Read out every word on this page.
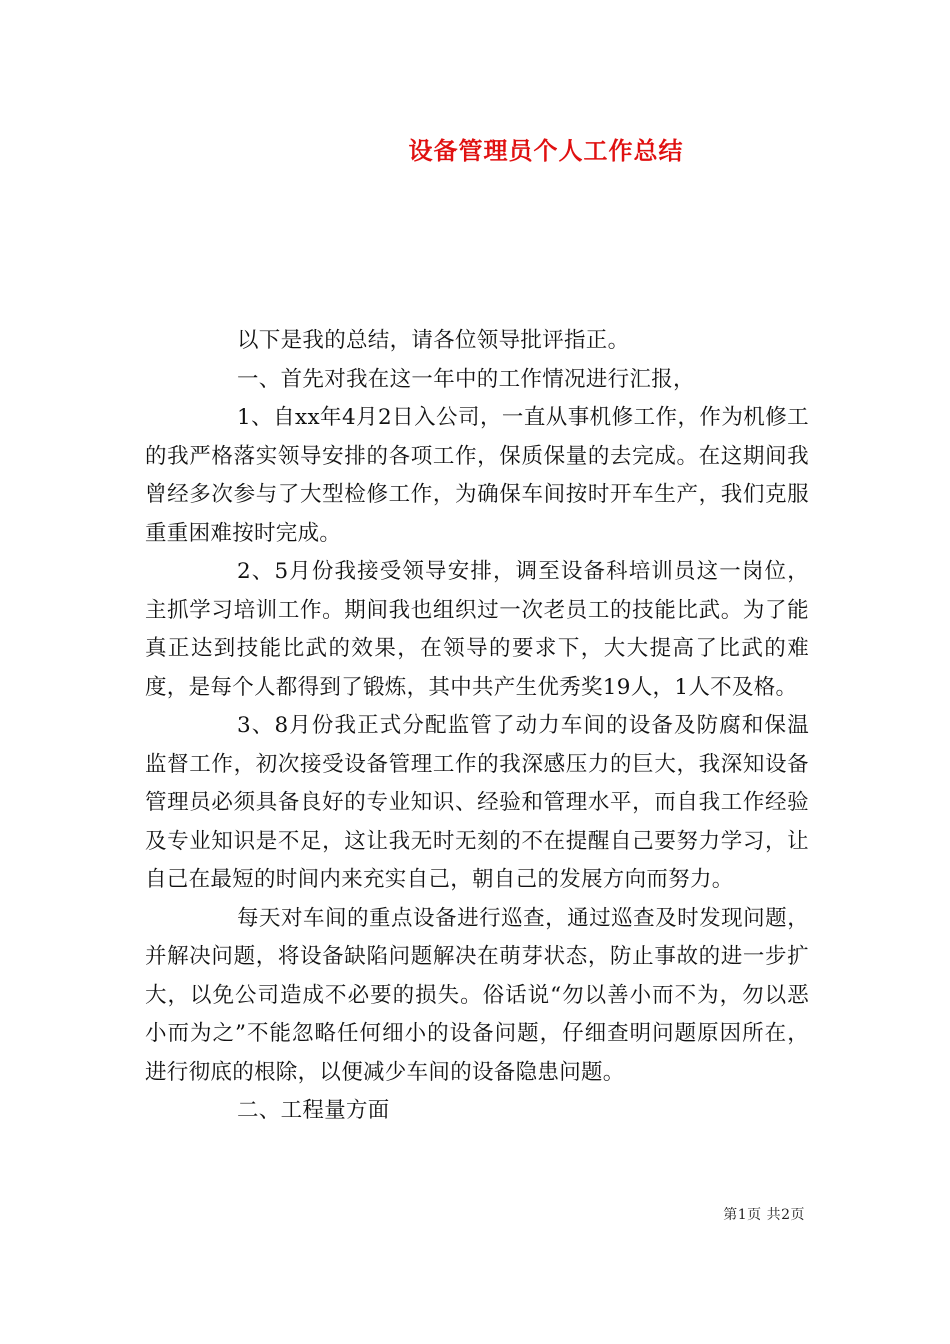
设备管理员个人工作总结

以下是我的总结，请各位领导批评指正。

一、首先对我在这一年中的工作情况进行汇报，

1、自xx年4月2日入公司，一直从事机修工作，作为机修工的我严格落实领导安排的各项工作，保质保量的去完成。在这期间我曾经多次参与了大型检修工作，为确保车间按时开车生产，我们克服重重困难按时完成。

2、5月份我接受领导安排，调至设备科培训员这一岗位，主抓学习培训工作。期间我也组织过一次老员工的技能比武。为了能真正达到技能比武的效果，在领导的要求下，大大提高了比武的难度，是每个人都得到了锻炼，其中共产生优秀奖19人，1人不及格。

3、8月份我正式分配监管了动力车间的设备及防腐和保温监督工作，初次接受设备管理工作的我深感压力的巨大，我深知设备管理员必须具备良好的专业知识、经验和管理水平，而自我工作经验及专业知识是不足，这让我无时无刻的不在提醒自己要努力学习，让自己在最短的时间内来充实自己，朝自己的发展方向而努力。

每天对车间的重点设备进行巡查，通过巡查及时发现问题，并解决问题，将设备缺陷问题解决在萌芽状态，防止事故的进一步扩大，以免公司造成不必要的损失。俗话说“勿以善小而不为，勿以恶小而为之”不能忽略任何细小的设备问题，仔细查明问题原因所在，进行彻底的根除，以便减少车间的设备隐患问题。

二、工程量方面

第1页 共2页
